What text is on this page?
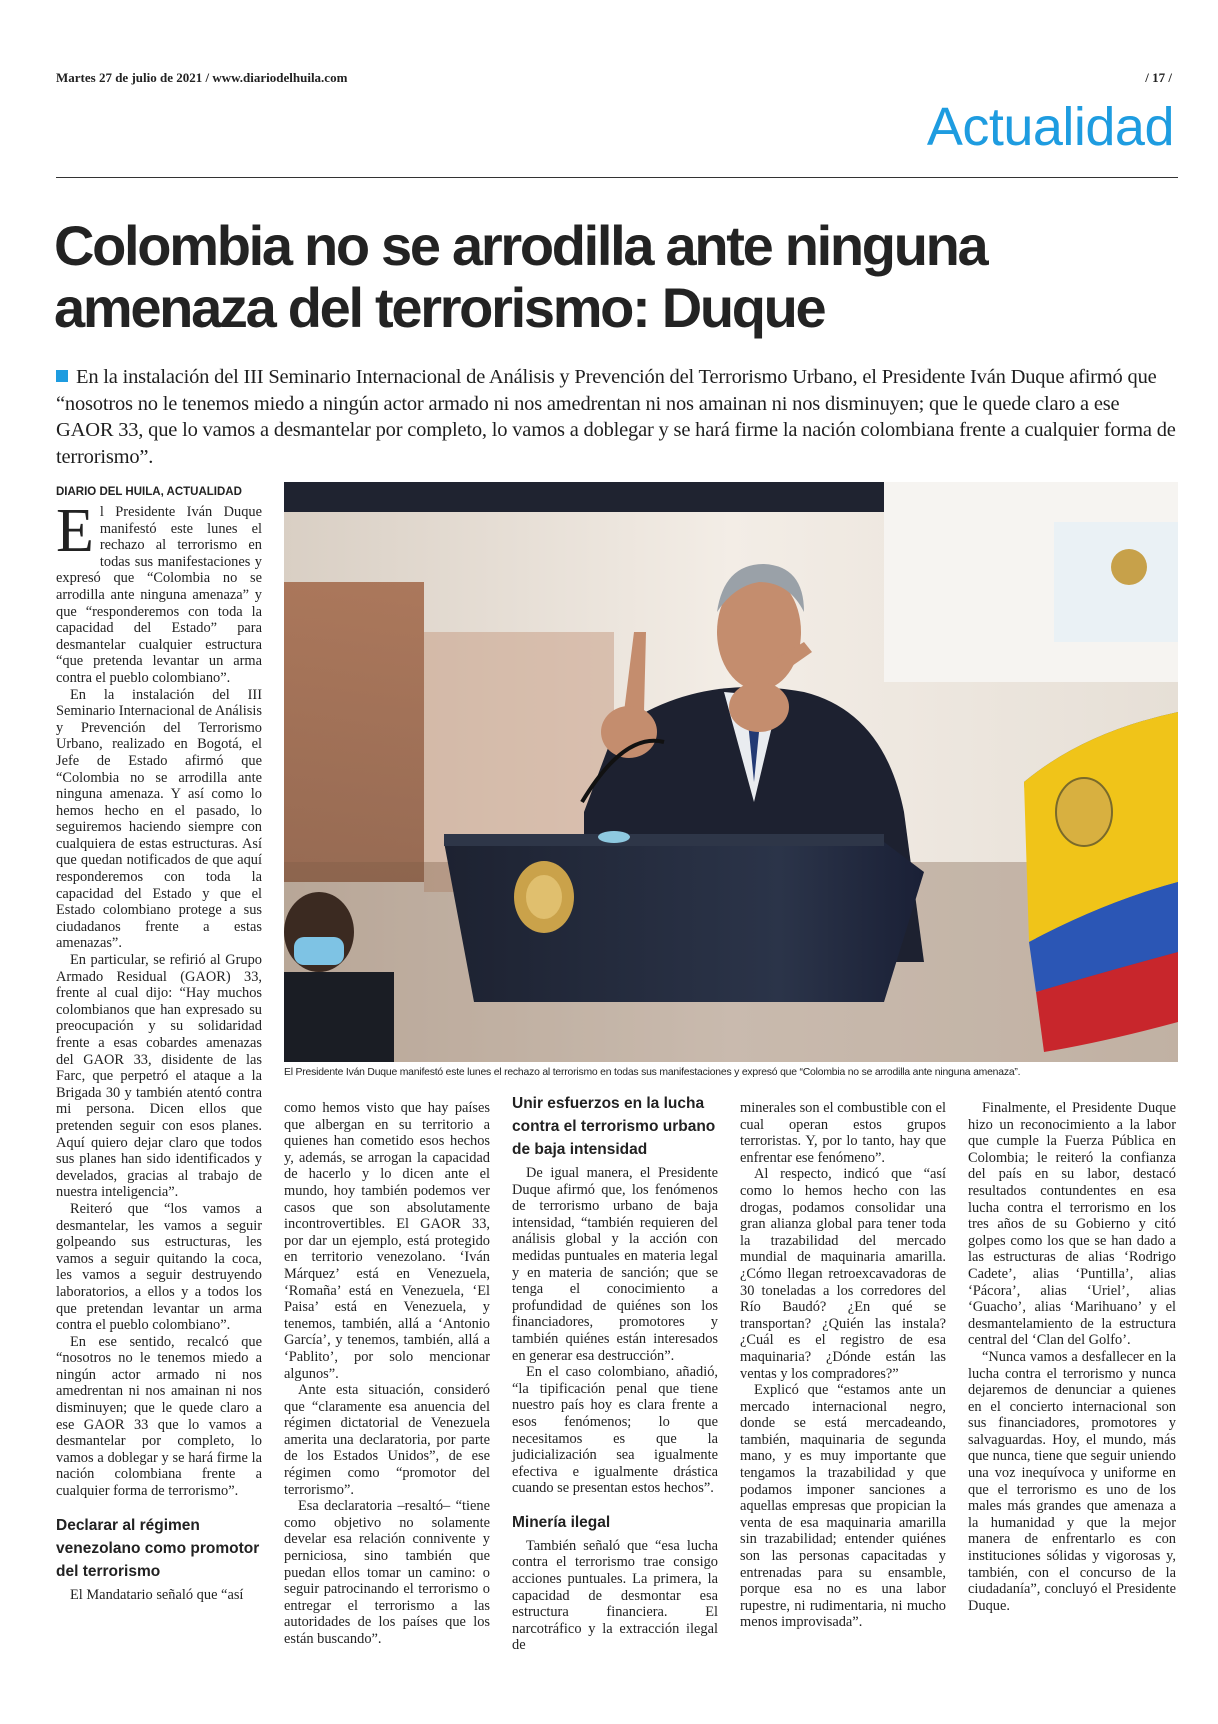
Martes 27 de julio de 2021 / www.diariodelhuila.com	/ 17 /
Actualidad
Colombia no se arrodilla ante ninguna amenaza del terrorismo: Duque
En la instalación del III Seminario Internacional de Análisis y Prevención del Terrorismo Urbano, el Presidente Iván Duque afirmó que “nosotros no le tenemos miedo a ningún actor armado ni nos amedrentan ni nos amainan ni nos disminuyen; que le quede claro a ese GAOR 33, que lo vamos a desmantelar por completo, lo vamos a doblegar y se hará firme la nación colombiana frente a cualquier forma de terrorismo”.
El Presidente Iván Duque manifestó este lunes el rechazo al terrorismo en todas sus manifestaciones y expresó que “Colombia no se arrodilla ante ninguna amenaza”.
DIARIO DEL HUILA, ACTUALIDAD

El Presidente Iván Duque manifestó este lunes el rechazo al terrorismo en todas sus manifestaciones y expresó que “Colombia no se arrodilla ante ninguna amenaza” y que “responderemos con toda la capacidad del Estado” para desmantelar cualquier estructura “que pretenda levantar un arma contra el pueblo colombiano”.

En la instalación del III Seminario Internacional de Análisis y Prevención del Terrorismo Urbano, realizado en Bogotá, el Jefe de Estado afirmó que “Colombia no se arrodilla ante ninguna amenaza. Y así como lo hemos hecho en el pasado, lo seguiremos haciendo siempre con cualquiera de estas estructuras. Así que quedan notificados de que aquí responderemos con toda la capacidad del Estado y que el Estado colombiano protege a sus ciudadanos frente a estas amenazas”.

En particular, se refirió al Grupo Armado Residual (GAOR) 33, frente al cual dijo: “Hay muchos colombianos que han expresado su preocupación y su solidaridad frente a esas cobardes amenazas del GAOR 33, disidente de las Farc, que perpetró el ataque a la Brigada 30 y también atentó contra mi persona. Dicen ellos que pretenden seguir con esos planes. Aquí quiero dejar claro que todos sus planes han sido identificados y develados, gracias al trabajo de nuestra inteligencia”.

Reiteró que “los vamos a desmantelar, les vamos a seguir golpeando sus estructuras, les vamos a seguir quitando la coca, les vamos a seguir destruyendo laboratorios, a ellos y a todos los que pretendan levantar un arma contra el pueblo colombiano”.

En ese sentido, recalcó que “nosotros no le tenemos miedo a ningún actor armado ni nos amedrentan ni nos amainan ni nos disminuyen; que le quede claro a ese GAOR 33 que lo vamos a desmantelar por completo, lo vamos a doblegar y se hará firme la nación colombiana frente a cualquier forma de terrorismo”.

Declarar al régimen venezolano como promotor del terrorismo

El Mandatario señaló que “así

como hemos visto que hay países que albergan en su territorio a quienes han cometido esos hechos y, además, se arrogan la capacidad de hacerlo y lo dicen ante el mundo, hoy también podemos ver casos que son absolutamente incontrovertibles. El GAOR 33, por dar un ejemplo, está protegido en territorio venezolano. ‘Iván Márquez’ está en Venezuela, ‘Romaña’ está en Venezuela, ‘El Paisa’ está en Venezuela, y tenemos, también, allá a ‘Antonio García’, y tenemos, también, allá a ‘Pablito’, por solo mencionar algunos”.

Ante esta situación, consideró que “claramente esa anuencia del régimen dictatorial de Venezuela amerita una declaratoria, por parte de los Estados Unidos”, de ese régimen como “promotor del terrorismo”.

Esa declaratoria –resaltó– “tiene como objetivo no solamente develar esa relación connivente y perniciosa, sino también que puedan ellos tomar un camino: o seguir patrocinando el terrorismo o entregar el terrorismo a las autoridades de los países que los están buscando”.

Unir esfuerzos en la lucha contra el terrorismo urbano de baja intensidad

De igual manera, el Presidente Duque afirmó que, los fenómenos de terrorismo urbano de baja intensidad, “también requieren del análisis global y la acción con medidas puntuales en materia legal y en materia de sanción; que se tenga el conocimiento a profundidad de quiénes son los financiadores, promotores y también quiénes están interesados en generar esa destrucción”.

En el caso colombiano, añadió, “la tipificación penal que tiene nuestro país hoy es clara frente a esos fenómenos; lo que necesitamos es que la judicialización sea igualmente efectiva e igualmente drástica cuando se presentan estos hechos”.

Minería ilegal

También señaló que “esa lucha contra el terrorismo trae consigo acciones puntuales. La primera, la capacidad de desmontar esa estructura financiera. El narcotráfico y la extracción ilegal de

minerales son el combustible con el cual operan estos grupos terroristas. Y, por lo tanto, hay que enfrentar ese fenómeno”.

Al respecto, indicó que “así como lo hemos hecho con las drogas, podamos consolidar una gran alianza global para tener toda la trazabilidad del mercado mundial de maquinaria amarilla. ¿Cómo llegan retroexcavadoras de 30 toneladas a los corredores del Río Baudó? ¿En qué se transportan? ¿Quién las instala? ¿Cuál es el registro de esa maquinaria? ¿Dónde están las ventas y los compradores?”

Explicó que “estamos ante un mercado internacional negro, donde se está mercadeando, también, maquinaria de segunda mano, y es muy importante que tengamos la trazabilidad y que podamos imponer sanciones a aquellas empresas que propician la venta de esa maquinaria amarilla sin trazabilidad; entender quiénes son las personas capacitadas y entrenadas para su ensamble, porque esa no es una labor rupestre, ni rudimentaria, ni mucho menos improvisada”.

Finalmente, el Presidente Duque hizo un reconocimiento a la labor que cumple la Fuerza Pública en Colombia; le reiteró la confianza del país en su labor, destacó resultados contundentes en esa lucha contra el terrorismo en los tres años de su Gobierno y citó golpes como los que se han dado a las estructuras de alias ‘Rodrigo Cadete’, alias ‘Puntilla’, alias ‘Pácora’, alias ‘Uriel’, alias ‘Guacho’, alias ‘Marihuano’ y el desmantelamiento de la estructura central del ‘Clan del Golfo’.

“Nunca vamos a desfallecer en la lucha contra el terrorismo y nunca dejaremos de denunciar a quienes en el concierto internacional son sus financiadores, promotores y salvaguardas. Hoy, el mundo, más que nunca, tiene que seguir uniendo una voz inequívoca y uniforme en que el terrorismo es uno de los males más grandes que amenaza a la humanidad y que la mejor manera de enfrentarlo es con instituciones sólidas y vigorosas y, también, con el concurso de la ciudadanía”, concluyó el Presidente Duque.
